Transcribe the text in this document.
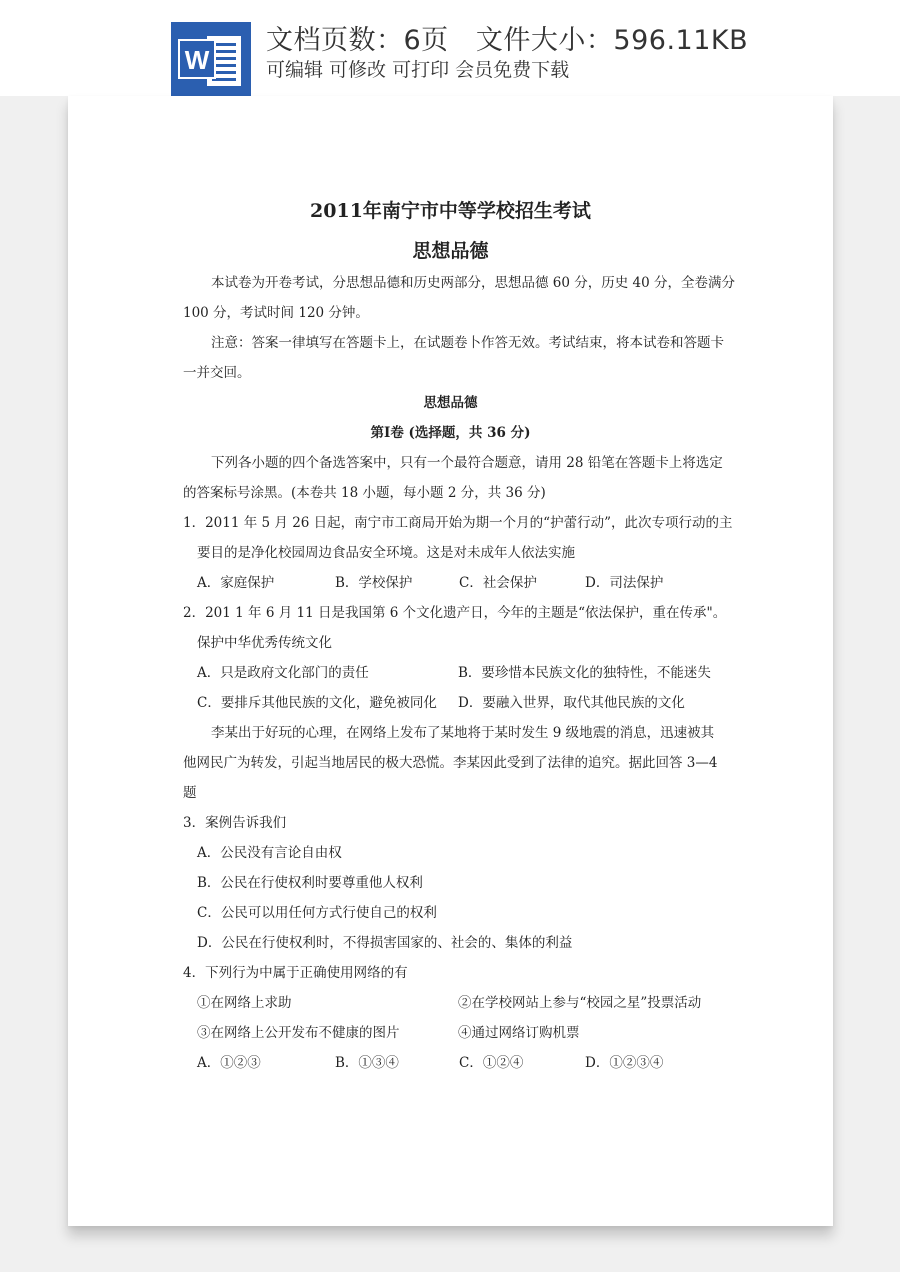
W
文档页数：6页   文件大小：596.11KB
可编辑 可修改 可打印 会员免费下载
2011年南宁市中等学校招生考试
思想品德
本试卷为开卷考试，分思想品德和历史两部分，思想品德 60 分，历史 40 分，全卷满分
100 分，考试时间 120 分钟。
注意：答案一律填写在答题卡上，在试题卷卜作答无效。考试结束，将本试卷和答题卡
一并交回。
思想品德
第Ⅰ卷 (选择题，共 36 分)
下列各小题的四个备选答案中，只有一个最符合题意，请用 28 铅笔在答题卡上将选定
的答案标号涂黑。(本卷共 18 小题，每小题 2 分，共 36 分)
1．2011 年 5 月 26 日起，南宁市工商局开始为期一个月的“护蕾行动”，此次专项行动的主
要目的是净化校园周边食品安全环境。这是对未成年人依法实施
A．家庭保护	B．学校保护	C．社会保护	D．司法保护
2．201 1 年 6 月 11 日是我国第 6 个文化遗产日，今年的主题是“依法保护，重在传承"。
保护中华优秀传统文化
A．只是政府文化部门的责任	B．要珍惜本民族文化的独特性，不能迷失
C．要排斥其他民族的文化，避免被同化 D．要融入世界，取代其他民族的文化
李某出于好玩的心理，在网络上发布了某地将于某时发生 9 级地震的消息，迅速被其
他网民广为转发，引起当地居民的极大恐慌。李某因此受到了法律的追究。据此回答 3—4
题
3．案例告诉我们
A．公民没有言论自由权
B．公民在行使权利时要尊重他人权利
C．公民可以用任何方式行使自己的权利
D．公民在行使权利时，不得损害国家的、社会的、集体的利益
4．下列行为中属于正确使用网络的有
①在网络上求助	②在学校网站上参与“校园之星”投票活动
③在网络上公开发布不健康的图片	④通过网络订购机票
A．①②③	B．①③④	C．①②④	D．①②③④
